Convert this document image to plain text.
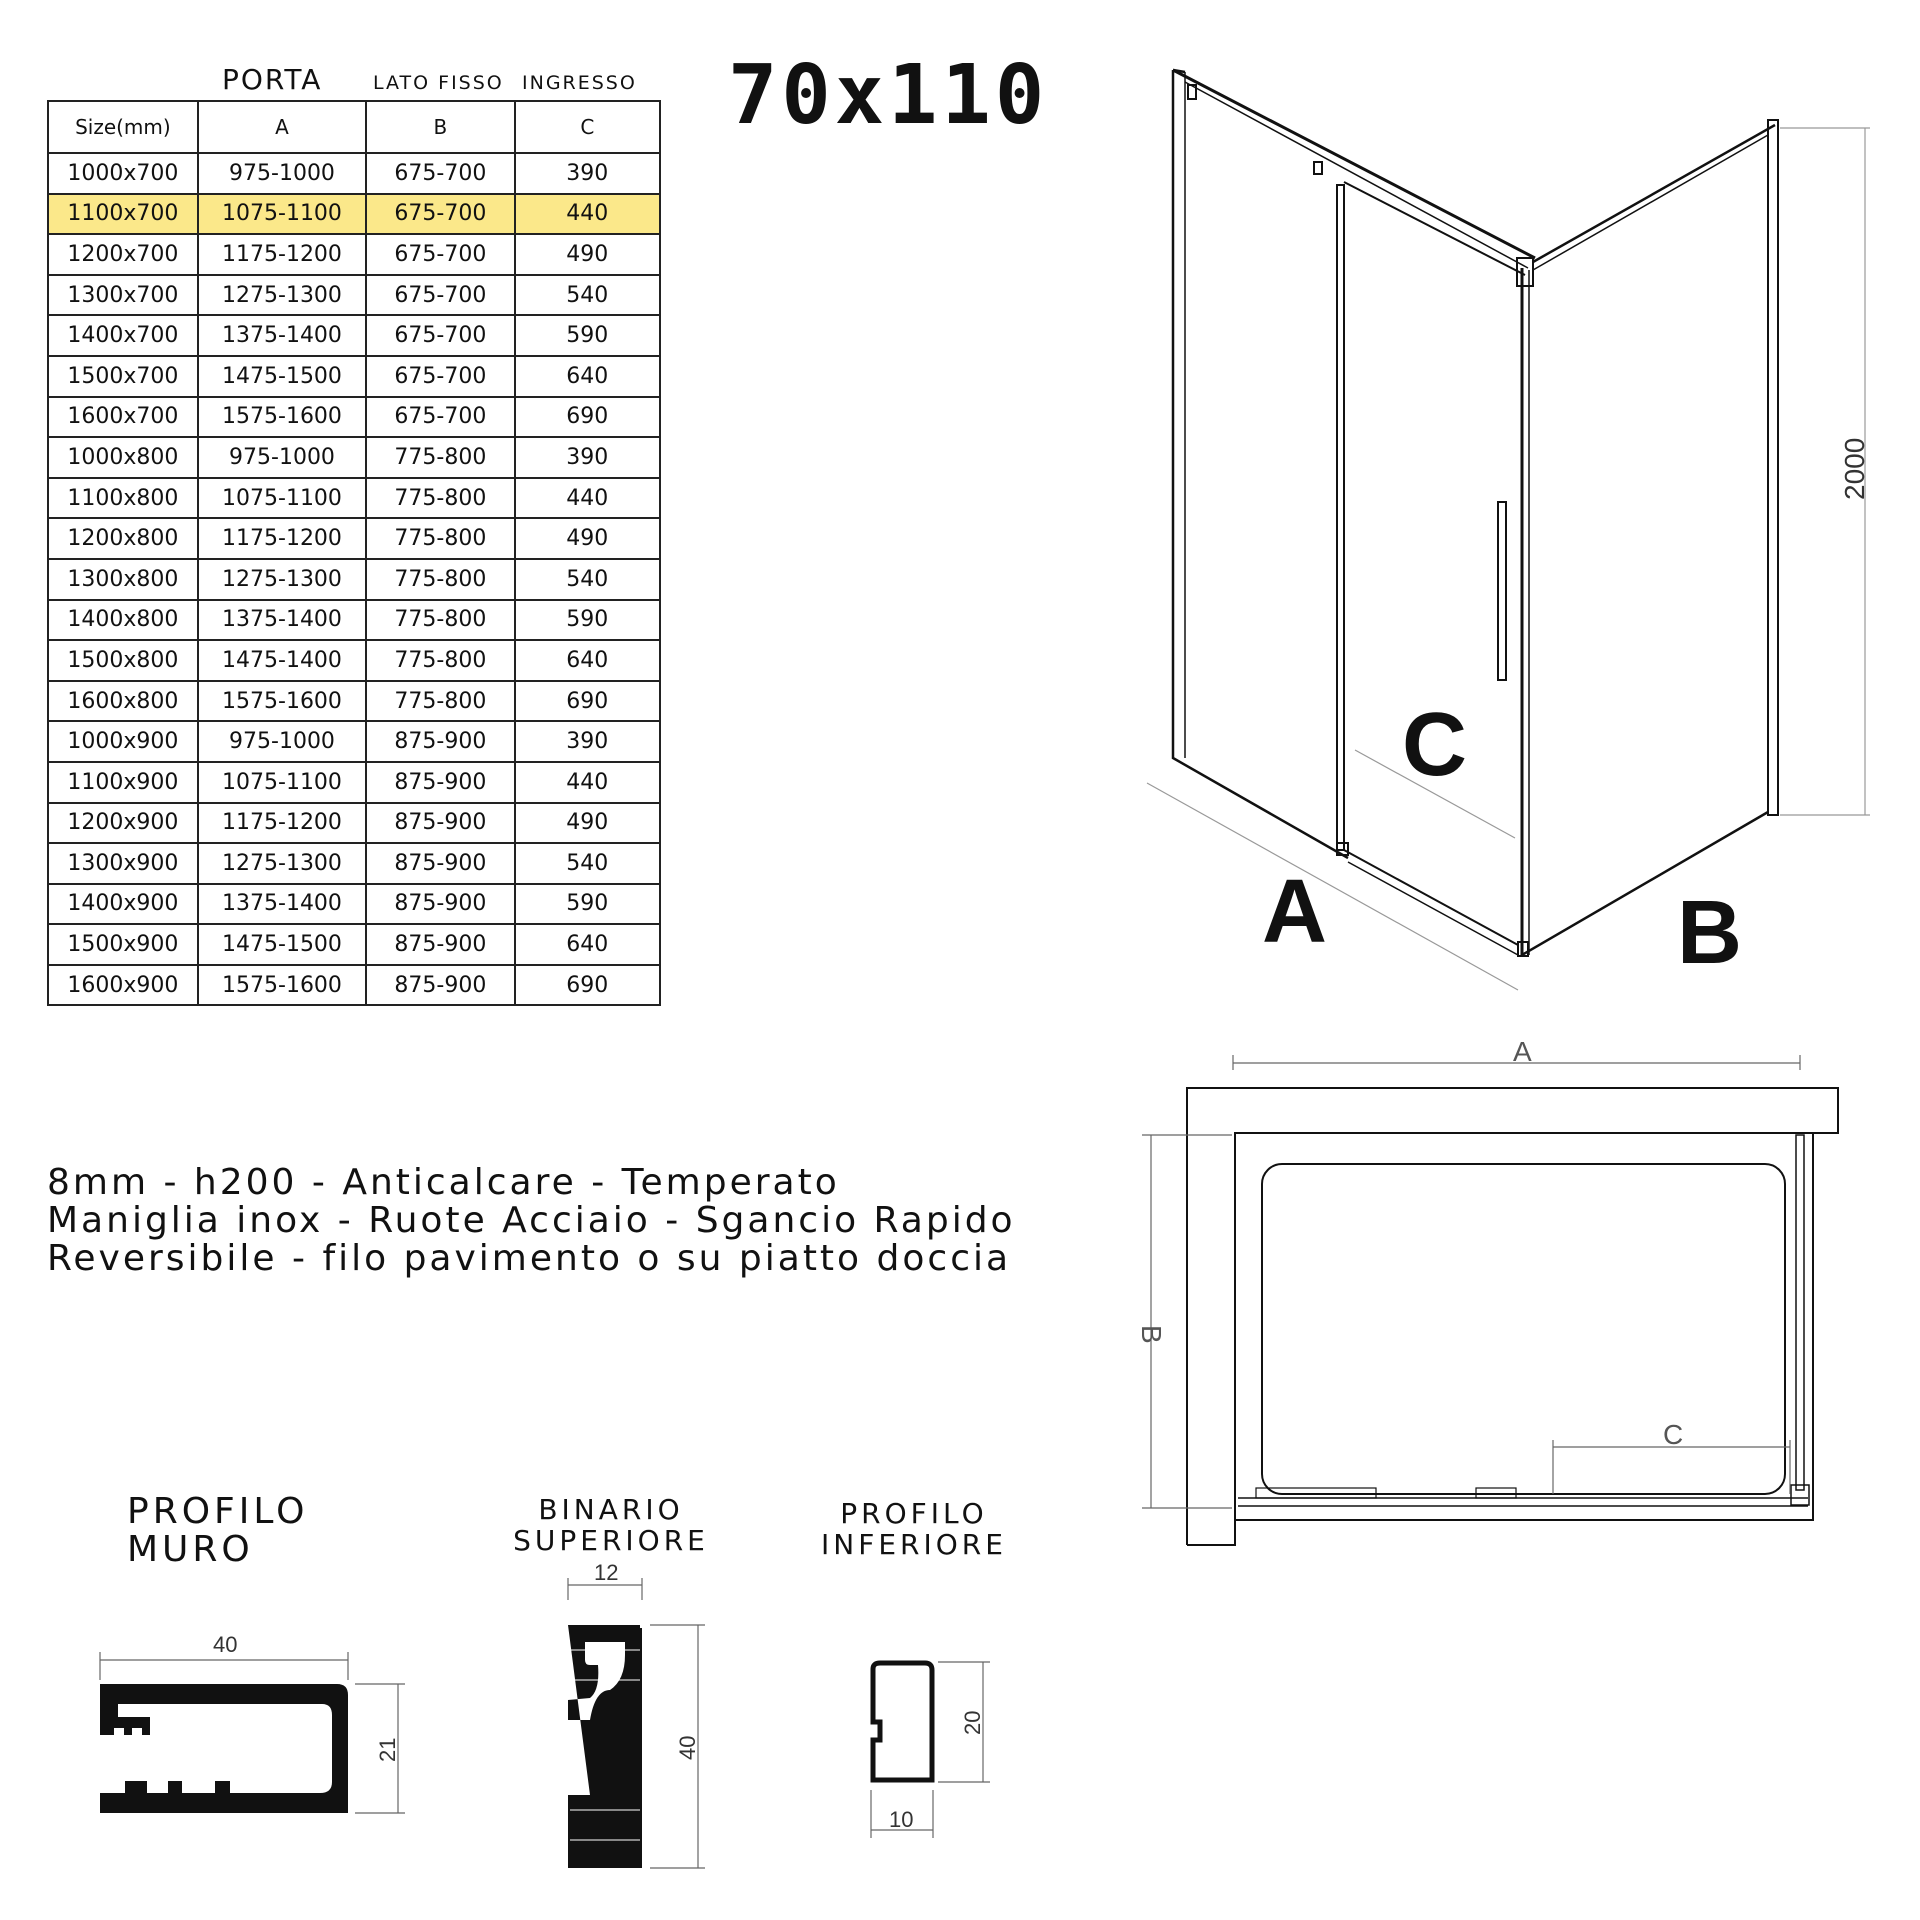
PORTA	LATO FISSO INGRESSO
Size(mm)	A	B	C
1000x700	975-1000	675-700	390
1100x700	1075-1100	675-700	440
1200x700	1175-1200	675-700	490
1300x700	1275-1300	675-700	540
1400x700	1375-1400	675-700	590
1500x700	1475-1500	675-700	640
1600x700	1575-1600	675-700	690
1000x800	975-1000	775-800	390
1100x800	1075-1100	775-800	440
1200x800	1175-1200	775-800	490
1300x800	1275-1300	775-800	540
1400x800	1375-1400	775-800	590
1500x800	1475-1400	775-800	640
1600x800	1575-1600	775-800	690
1000x900	975-1000	875-900	390
1100x900	1075-1100	875-900	440
1200x900	1175-1200	875-900	490
1300x900	1275-1300	875-900	540
1400x900	1375-1400	875-900	590
1500x900	1475-1500	875-900	640
1600x900	1575-1600	875-900	690
70x110
8mm - h200 - Anticalcare - Temperato
Maniglia inox - Ruote Acciaio - Sgancio Rapido
Reversibile - filo pavimento o su piatto doccia
A
C
B
2000
A
B
C
PROFILO
MURO
BINARIO
SUPERIORE
PROFILO
INFERIORE
40
21
12
40
20
10
